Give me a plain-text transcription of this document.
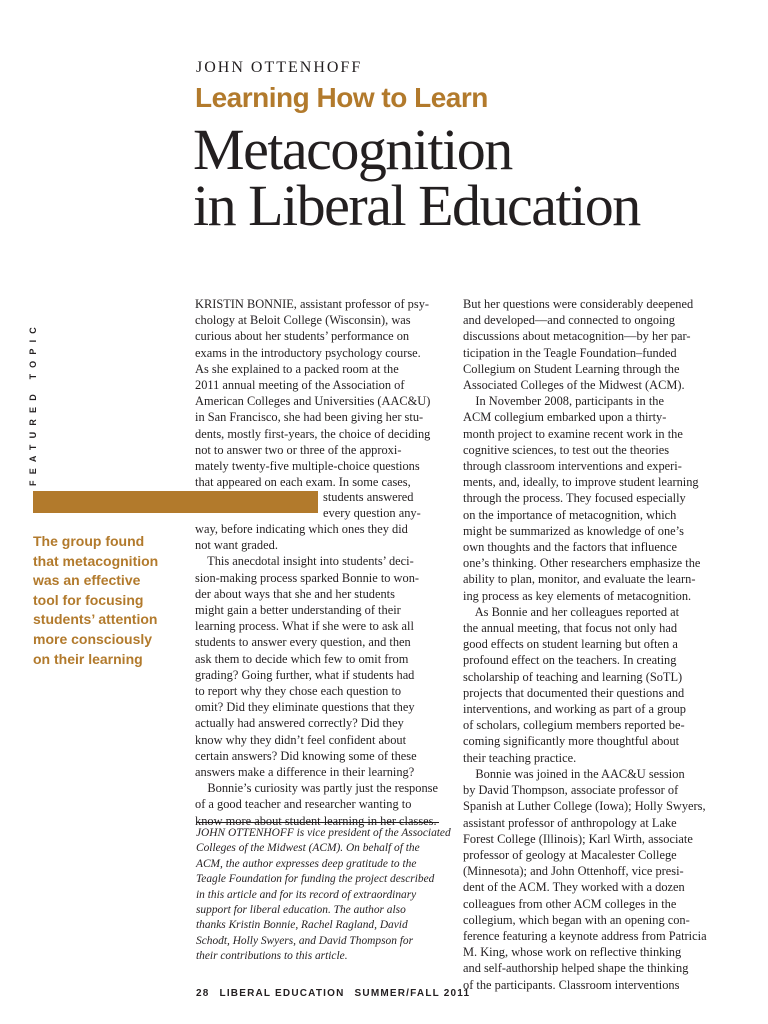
JOHN OTTENHOFF
Learning How to Learn
Metacognition
in Liberal Education
FEATURED TOPIC
The group found
that metacognition
was an effective
tool for focusing
students’ attention
more consciously
on their learning
KRISTIN BONNIE, assistant professor of psy-
chology at Beloit College (Wisconsin), was
curious about her students’ performance on
exams in the introductory psychology course.
As she explained to a packed room at the
2011 annual meeting of the Association of
American Colleges and Universities (AAC&U)
in San Francisco, she had been giving her stu-
dents, mostly first-years, the choice of deciding
not to answer two or three of the approxi-
mately twenty-five multiple-choice questions
that appeared on each exam. In some cases,
students answered
every question any-
way, before indicating which ones they did
not want graded.
This anecdotal insight into students’ deci-
sion-making process sparked Bonnie to won-
der about ways that she and her students
might gain a better understanding of their
learning process. What if she were to ask all
students to answer every question, and then
ask them to decide which few to omit from
grading? Going further, what if students had
to report why they chose each question to
omit? Did they eliminate questions that they
actually had answered correctly? Did they
know why they didn’t feel confident about
certain answers? Did knowing some of these
answers make a difference in their learning?
Bonnie’s curiosity was partly just the response
of a good teacher and researcher wanting to
know more about student learning in her classes.
JOHN OTTENHOFF is vice president of the Associated
Colleges of the Midwest (ACM). On behalf of the
ACM, the author expresses deep gratitude to the
Teagle Foundation for funding the project described
in this article and for its record of extraordinary
support for liberal education. The author also
thanks Kristin Bonnie, Rachel Ragland, David
Schodt, Holly Swyers, and David Thompson for
their contributions to this article.
But her questions were considerably deepened
and developed—and connected to ongoing
discussions about metacognition—by her par-
ticipation in the Teagle Foundation–funded
Collegium on Student Learning through the
Associated Colleges of the Midwest (ACM).
In November 2008, participants in the
ACM collegium embarked upon a thirty-
month project to examine recent work in the
cognitive sciences, to test out the theories
through classroom interventions and experi-
ments, and, ideally, to improve student learning
through the process. They focused especially
on the importance of metacognition, which
might be summarized as knowledge of one’s
own thoughts and the factors that influence
one’s thinking. Other researchers emphasize the
ability to plan, monitor, and evaluate the learn-
ing process as key elements of metacognition.
As Bonnie and her colleagues reported at
the annual meeting, that focus not only had
good effects on student learning but often a
profound effect on the teachers. In creating
scholarship of teaching and learning (SoTL)
projects that documented their questions and
interventions, and working as part of a group
of scholars, collegium members reported be-
coming significantly more thoughtful about
their teaching practice.
Bonnie was joined in the AAC&U session
by David Thompson, associate professor of
Spanish at Luther College (Iowa); Holly Swyers,
assistant professor of anthropology at Lake
Forest College (Illinois); Karl Wirth, associate
professor of geology at Macalester College
(Minnesota); and John Ottenhoff, vice presi-
dent of the ACM. They worked with a dozen
colleagues from other ACM colleges in the
collegium, which began with an opening con-
ference featuring a keynote address from Patricia
M. King, whose work on reflective thinking
and self-authorship helped shape the thinking
of the participants. Classroom interventions
28 LIBERAL EDUCATION SUMMER/FALL 2011
